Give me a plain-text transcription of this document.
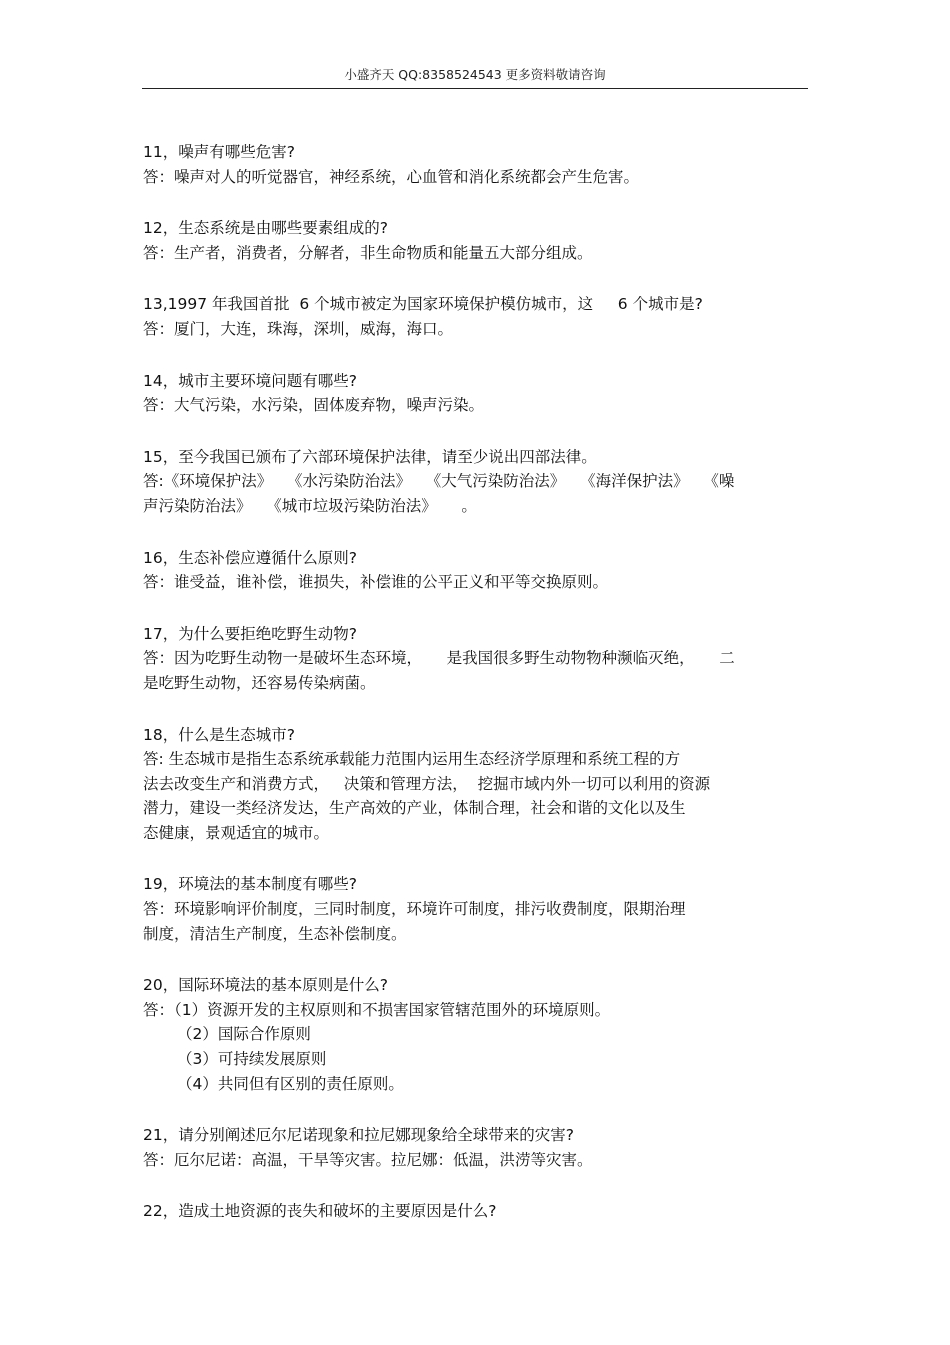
小盛齐天 QQ:8358524543 更多资料敬请咨询

11，噪声有哪些危害?

答：噪声对人的听觉器官，神经系统，心血管和消化系统都会产生危害。

12，生态系统是由哪些要素组成的?

答：生产者，消费者，分解者，非生命物质和能量五大部分组成。

13,1997 年我国首批  6 个城市被定为国家环境保护模仿城市，这     6 个城市是?

答：厦门，大连，珠海，深圳，威海，海口。

14，城市主要环境问题有哪些?

答：大气污染，水污染，固体废弃物，噪声污染。

15，至今我国已颁布了六部环境保护法律，请至少说出四部法律。

答:《环境保护法》   《水污染防治法》   《大气污染防治法》   《海洋保护法》   《噪

声污染防治法》   《城市垃圾污染防治法》     。

16，生态补偿应遵循什么原则?

答：谁受益，谁补偿，谁损失，补偿谁的公平正义和平等交换原则。

17，为什么要拒绝吃野生动物?

答：因为吃野生动物一是破坏生态环境，     是我国很多野生动物物种濒临灭绝，     二

是吃野生动物，还容易传染病菌。

18，什么是生态城市?

答: 生态城市是指生态系统承载能力范围内运用生态经济学原理和系统工程的方

法去改变生产和消费方式，   决策和管理方法，  挖掘市域内外一切可以利用的资源

潜力，建设一类经济发达，生产高效的产业，体制合理，社会和谐的文化以及生

态健康，景观适宜的城市。

19，环境法的基本制度有哪些?

答：环境影响评价制度，三同时制度，环境许可制度，排污收费制度，限期治理

制度，清洁生产制度，生态补偿制度。

20，国际环境法的基本原则是什么?

答：（1）资源开发的主权原则和不损害国家管辖范围外的环境原则。

（2）国际合作原则

（3）可持续发展原则

（4）共同但有区别的责任原则。

21，请分别阐述厄尔尼诺现象和拉尼娜现象给全球带来的灾害?

答：厄尔尼诺：高温，干旱等灾害。拉尼娜：低温，洪涝等灾害。

22，造成土地资源的丧失和破坏的主要原因是什么?
